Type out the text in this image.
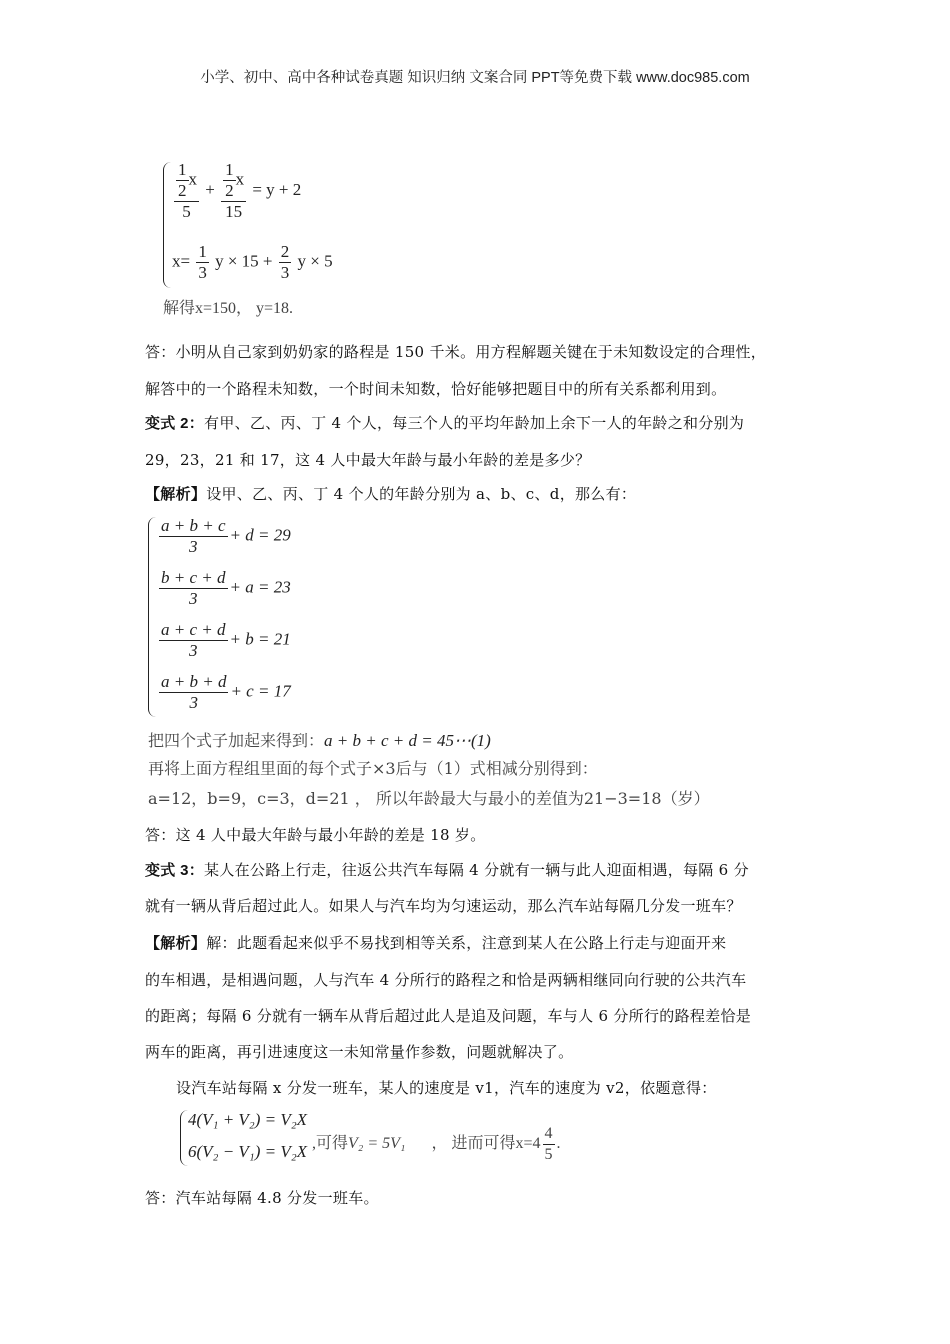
小学、初中、高中各种试卷真题 知识归纳 文案合同 PPT等免费下载 www.doc985.com
$\frac{\frac{1}{2} x}{5} + \frac{\frac{1}{2} x}{15} = y + 2$
$x= \frac{1}{3}$ $y \times 15 + \frac{2}{3}$ y × 5
解得x=150， y=18.
答：小明从自己家到奶奶家的路程是 150 千米。用方程解题关键在于未知数设定的合理性，
解答中的一个路程未知数，一个时间未知数，恰好能够把题目中的所有关系都利用到。
变式 2：有甲、乙、丙、丁 4 个人，每三个人的平均年龄加上余下一人的年龄之和分别为
29，23，21 和 17，这 4 人中最大年龄与最小年龄的差是多少？
【解析】设甲、乙、丙、丁 4 个人的年龄分别为 a、b、c、d，那么有：
$\frac{a + b + c}{3} + d = 29$
$\frac{b + c + d}{3} + a = 23$
$\frac{a + c + d}{3} + b = 21$
$\frac{a + b + d}{3} + c = 17$
把四个式子加起来得到：a + b + c + d = 45⋯(1)
再将上面方程组里面的每个式子×3后与（1）式相减分别得到：
a=12，b=9，c=3，d=21 ， 所以年龄最大与最小的差值为21−3=18（岁）
答：这 4 人中最大年龄与最小年龄的差是 18 岁。
变式 3：某人在公路上行走，往返公共汽车每隔 4 分就有一辆与此人迎面相遇，每隔 6 分
就有一辆从背后超过此人。如果人与汽车均为匀速运动，那么汽车站每隔几分发一班车？
【解析】解：此题看起来似乎不易找到相等关系，注意到某人在公路上行走与迎面开来
的车相遇，是相遇问题，人与汽车 4 分所行的路程之和恰是两辆相继同向行驶的公共汽车
的距离；每隔 6 分就有一辆车从背后超过此人是追及问题，车与人 6 分所行的路程差恰是
两车的距离，再引进速度这一未知常量作参数，问题就解决了。
设汽车站每隔 x 分发一班车，某人的速度是 v1，汽车的速度为 v2，依题意得：
4(V₁ + V₂) = V₂X
6(V₂ − V₁) = V₂X ,可得V₂ = 5V₁ ， 进而可得$x=4 \frac{4}{5}$ .
答：汽车站每隔 4.8 分发一班车。
